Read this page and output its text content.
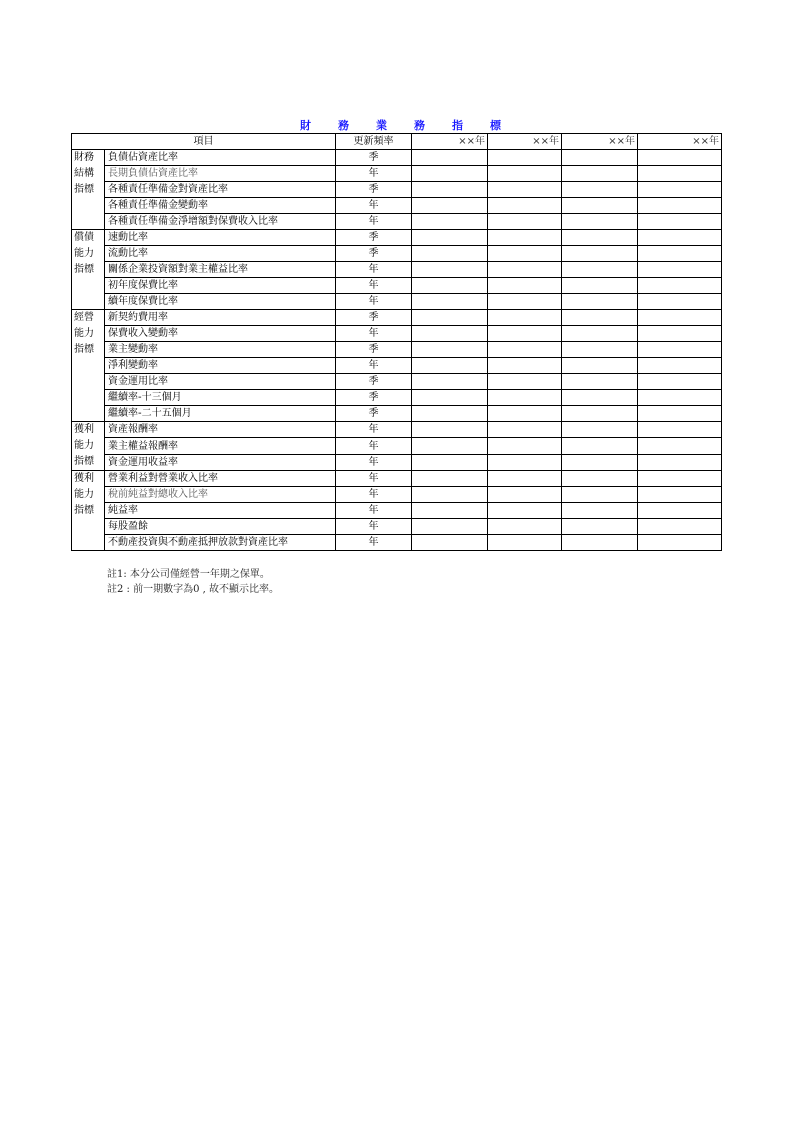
財 務 業 務 指 標
項目		更新頻率	××年	××年	××年	××年

財務
結構
指標	負債佔資產比率	季				
	長期負債佔資產比率	年				
	各種責任準備金對資產比率	季				
	各種責任準備金變動率	年				
	各種責任準備金淨增額對保費收入比率	年				

償債
能力
指標	速動比率	季				
	流動比率	季				
	關係企業投資額對業主權益比率	年				
	初年度保費比率	年				
	續年度保費比率	年				

經營
能力
指標	新契約費用率	季				
	保費收入變動率	年				
	業主變動率	季				
	淨利變動率	年				
	資金運用比率	季				
	繼續率-十三個月	季				
	繼續率-二十五個月	季				

獲利
能力
指標	資產報酬率	年				
	業主權益報酬率	年				
	資金運用收益率	年				

獲利
能力
指標	營業利益對營業收入比率	年				
	稅前純益對總收入比率	年				
	純益率	年				
	每股盈餘	年				
	不動產投資與不動產抵押放款對資產比率	年				
註1: 本分公司僅經營一年期之保單。
註2 : 前一期數字為0 , 故不顯示比率。
